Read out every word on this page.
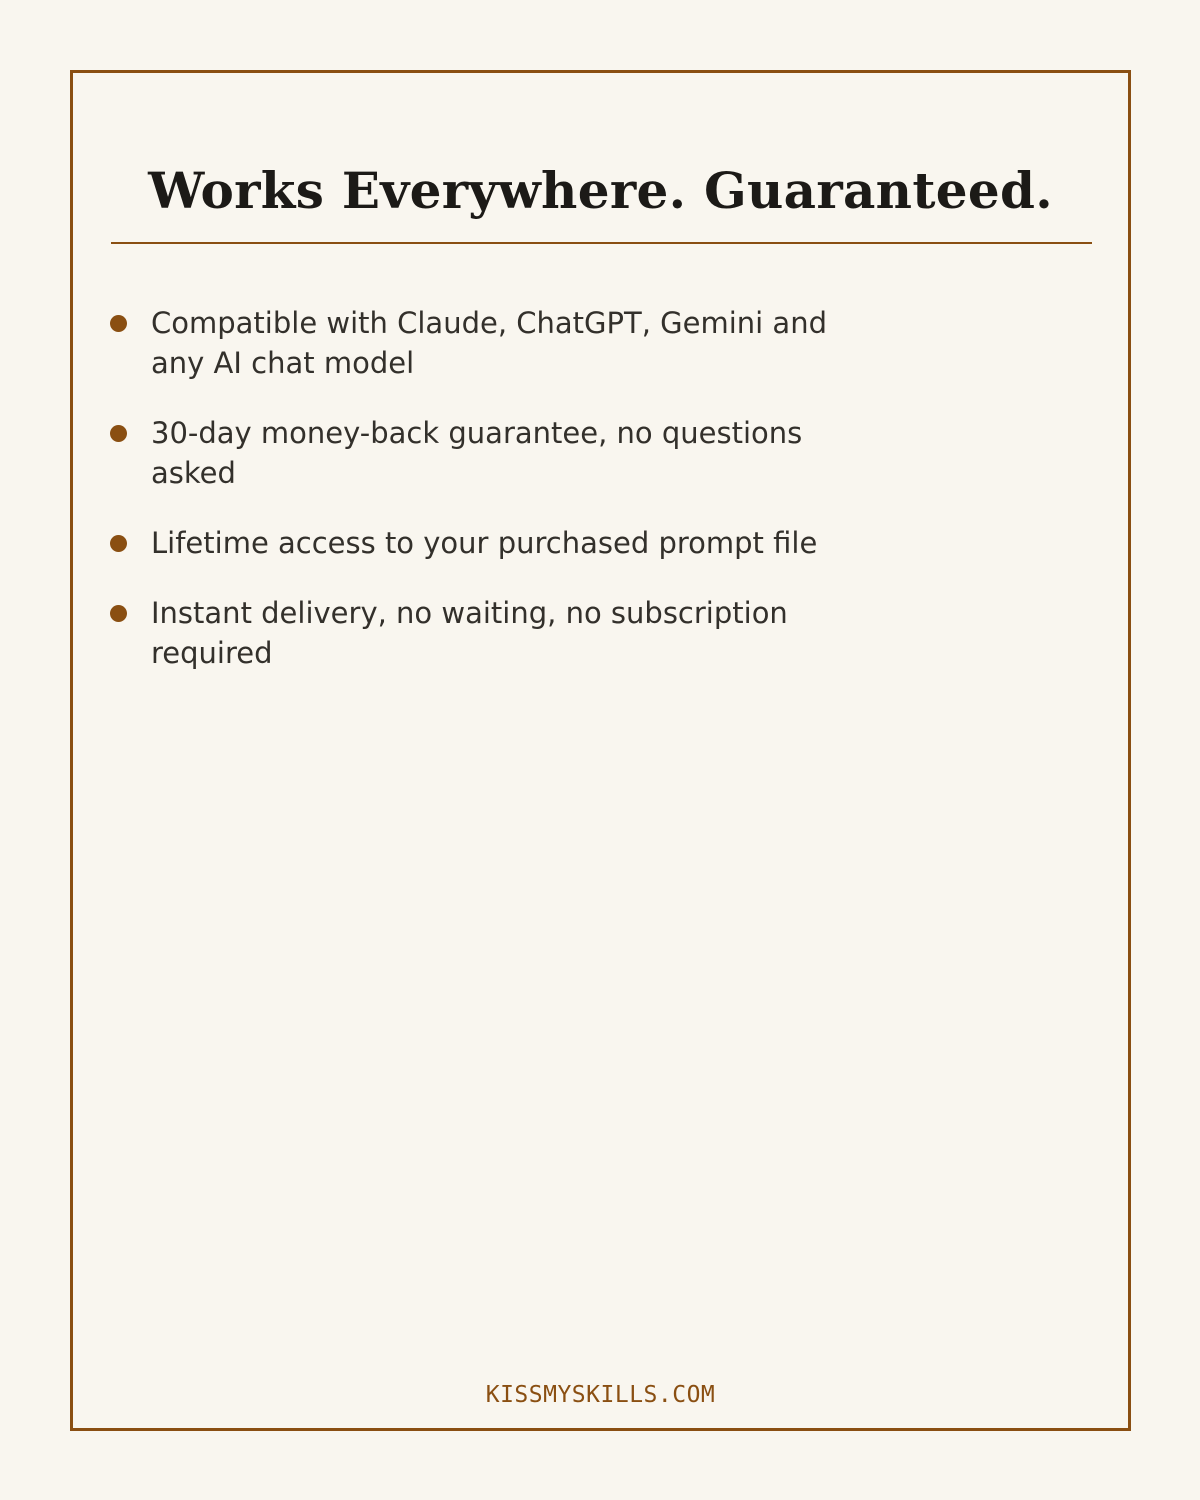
Works Everywhere. Guaranteed.
Compatible with Claude, ChatGPT, Gemini and any AI chat model
30-day money-back guarantee, no questions asked
Lifetime access to your purchased prompt file
Instant delivery, no waiting, no subscription required
KISSMYSKILLS.COM
